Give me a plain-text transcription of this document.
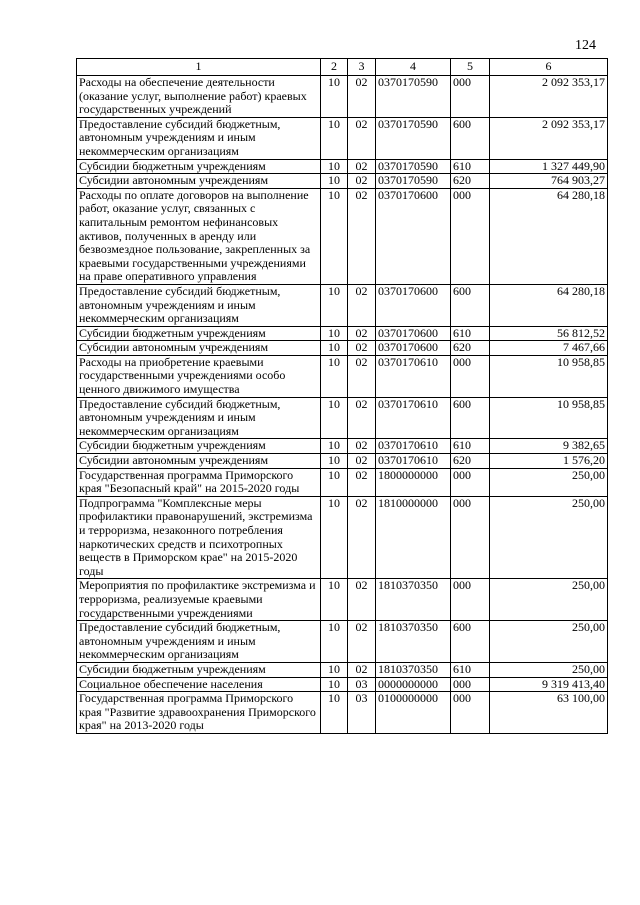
124
1	2	3	4	5	6
Расходы на обеспечение деятельности (оказание услуг, выполнение работ) краевых государственных учреждений	10	02	0370170590	000	2 092 353,17
Предоставление субсидий бюджетным, автономным учреждениям и иным некоммерческим организациям	10	02	0370170590	600	2 092 353,17
Субсидии бюджетным учреждениям	10	02	0370170590	610	1 327 449,90
Субсидии автономным учреждениям	10	02	0370170590	620	764 903,27
Расходы по оплате договоров на выполнение работ, оказание услуг, связанных с капитальным ремонтом нефинансовых активов, полученных в аренду или безвозмездное пользование, закрепленных за краевыми государственными учреждениями на праве оперативного управления	10	02	0370170600	000	64 280,18
Предоставление субсидий бюджетным, автономным учреждениям и иным некоммерческим организациям	10	02	0370170600	600	64 280,18
Субсидии бюджетным учреждениям	10	02	0370170600	610	56 812,52
Субсидии автономным учреждениям	10	02	0370170600	620	7 467,66
Расходы на приобретение краевыми государственными учреждениями особо ценного движимого имущества	10	02	0370170610	000	10 958,85
Предоставление субсидий бюджетным, автономным учреждениям и иным некоммерческим организациям	10	02	0370170610	600	10 958,85
Субсидии бюджетным учреждениям	10	02	0370170610	610	9 382,65
Субсидии автономным учреждениям	10	02	0370170610	620	1 576,20
Государственная программа Приморского края "Безопасный край" на 2015-2020 годы	10	02	1800000000	000	250,00
Подпрограмма "Комплексные меры профилактики правонарушений, экстремизма и терроризма, незаконного потребления наркотических средств и психотропных веществ в Приморском крае" на 2015-2020 годы	10	02	1810000000	000	250,00
Мероприятия по профилактике экстремизма и терроризма, реализуемые краевыми государственными учреждениями	10	02	1810370350	000	250,00
Предоставление субсидий бюджетным, автономным учреждениям и иным некоммерческим организациям	10	02	1810370350	600	250,00
Субсидии бюджетным учреждениям	10	02	1810370350	610	250,00
Социальное обеспечение населения	10	03	0000000000	000	9 319 413,40
Государственная программа Приморского края "Развитие здравоохранения Приморского края" на 2013-2020 годы	10	03	0100000000	000	63 100,00
